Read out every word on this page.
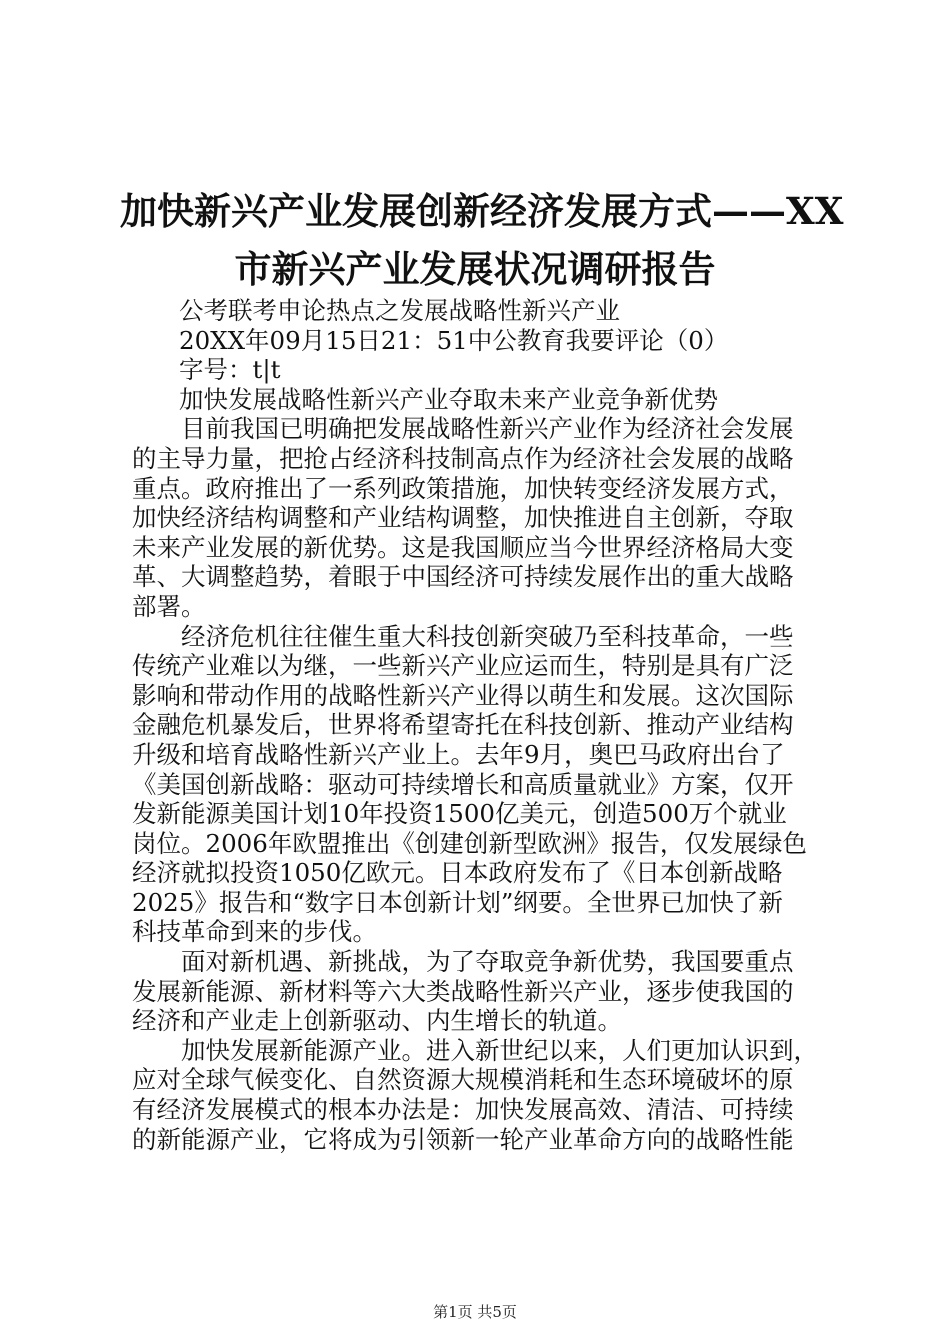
加快新兴产业发展创新经济发展方式——XX
市新兴产业发展状况调研报告
公考联考申论热点之发展战略性新兴产业
20XX年09月15日21：51中公教育我要评论（0）
字号：t|t
加快发展战略性新兴产业夺取未来产业竞争新优势
目前我国已明确把发展战略性新兴产业作为经济社会发展
的主导力量，把抢占经济科技制高点作为经济社会发展的战略
重点。政府推出了一系列政策措施，加快转变经济发展方式，
加快经济结构调整和产业结构调整，加快推进自主创新，夺取
未来产业发展的新优势。这是我国顺应当今世界经济格局大变
革、大调整趋势，着眼于中国经济可持续发展作出的重大战略
部署。
经济危机往往催生重大科技创新突破乃至科技革命，一些
传统产业难以为继，一些新兴产业应运而生，特别是具有广泛
影响和带动作用的战略性新兴产业得以萌生和发展。这次国际
金融危机暴发后，世界将希望寄托在科技创新、推动产业结构
升级和培育战略性新兴产业上。去年9月，奥巴马政府出台了
《美国创新战略：驱动可持续增长和高质量就业》方案，仅开
发新能源美国计划10年投资1500亿美元，创造500万个就业
岗位。2006年欧盟推出《创建创新型欧洲》报告，仅发展绿色
经济就拟投资1050亿欧元。日本政府发布了《日本创新战略
2025》报告和“数字日本创新计划”纲要。全世界已加快了新
科技革命到来的步伐。
面对新机遇、新挑战，为了夺取竞争新优势，我国要重点
发展新能源、新材料等六大类战略性新兴产业，逐步使我国的
经济和产业走上创新驱动、内生增长的轨道。
加快发展新能源产业。进入新世纪以来，人们更加认识到，
应对全球气候变化、自然资源大规模消耗和生态环境破坏的原
有经济发展模式的根本办法是：加快发展高效、清洁、可持续
的新能源产业，它将成为引领新一轮产业革命方向的战略性能
第1页 共5页
